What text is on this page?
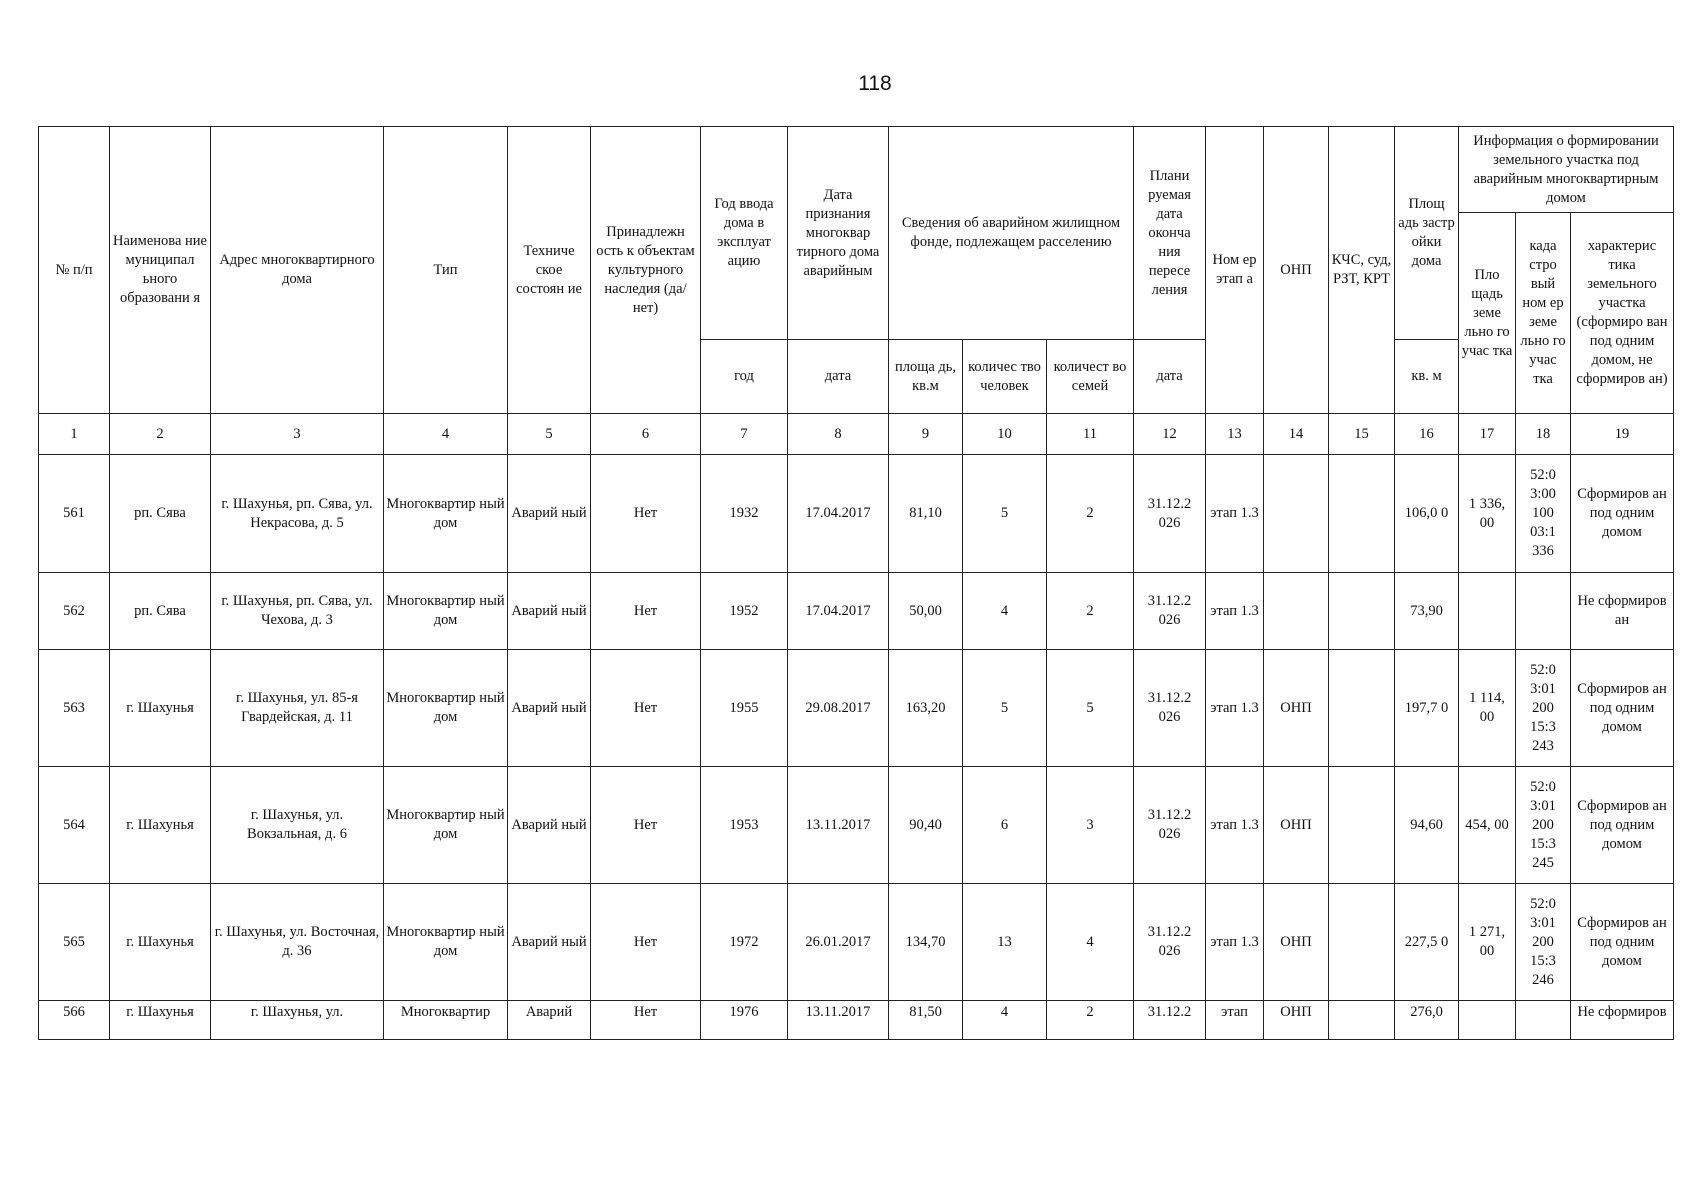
118
№ п/п	Наименова ние муниципал ьного образовани я	Адрес многоквартирного дома	Тип	Техниче ское состоян ие	Принадлежн ость к объектам культурного наследия (да/нет)	Год ввода дома в эксплуат ацию	Дата признания многоквар тирного дома аварийным	Сведения об аварийном жилищном фонде, подлежащем расселению			Плани руемая дата оконча ния пересе ления	Ном ер этап а	ОНП	КЧС, суд, РЗТ, КРТ	Площ адь застр ойки дома	Информация о формировании земельного участка под аварийным многоквартирным домом		
																Пло щадь земе льно го учас тка	када стро вый ном ер земе льно го учас тка	характерис тика земельного участка (сформиро ван под одним домом, не сформиров ан)
						год	дата	площа дь, кв.м	количес тво человек	количест во семей	дата				кв. м			
1	2	3	4	5	6	7	8	9	10	11	12	13	14	15	16	17	18	19
561	рп. Сява	г. Шахунья, рп. Сява, ул. Некрасова, д. 5	Многоквартир ный дом	Аварий ный	Нет	1932	17.04.2017	81,10	5	2	31.12.2 026	этап 1.3			106,0 0	1 336, 00	52:0 3:00 100 03:1 336	Сформиров ан под одним домом
562	рп. Сява	г. Шахунья, рп. Сява, ул. Чехова, д. 3	Многоквартир ный дом	Аварий ный	Нет	1952	17.04.2017	50,00	4	2	31.12.2 026	этап 1.3			73,90			Не сформиров ан
563	г. Шахунья	г. Шахунья, ул. 85-я Гвардейская, д. 11	Многоквартир ный дом	Аварий ный	Нет	1955	29.08.2017	163,20	5	5	31.12.2 026	этап 1.3	ОНП		197,7 0	1 114, 00	52:0 3:01 200 15:3 243	Сформиров ан под одним домом
564	г. Шахунья	г. Шахунья, ул. Вокзальная, д. 6	Многоквартир ный дом	Аварий ный	Нет	1953	13.11.2017	90,40	6	3	31.12.2 026	этап 1.3	ОНП		94,60	454, 00	52:0 3:01 200 15:3 245	Сформиров ан под одним домом
565	г. Шахунья	г. Шахунья, ул. Восточная, д. 36	Многоквартир ный дом	Аварий ный	Нет	1972	26.01.2017	134,70	13	4	31.12.2 026	этап 1.3	ОНП		227,5 0	1 271, 00	52:0 3:01 200 15:3 246	Сформиров ан под одним домом
566	г. Шахунья	г. Шахунья, ул.	Многоквартир	Аварий	Нет	1976	13.11.2017	81,50	4	2	31.12.2	этап	ОНП		276,0			Не сформиров
